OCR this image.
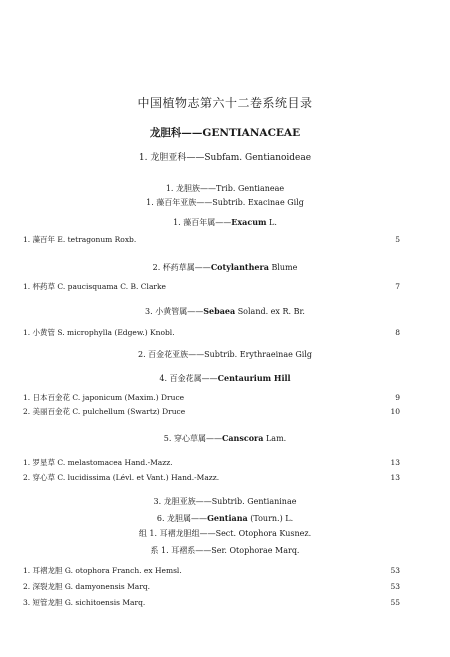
中国植物志第六十二卷系统目录
龙胆科——GENTIANACEAE
1. 龙胆亚科——Subfam. Gentianoideae
1. 龙胆族——Trib. Gentianeae
1. 藻百年亚族——Subtrib. Exacinae Gilg
1. 藻百年属——Exacum L.
1. 藻百年 E. tetragonum Roxb.	5
2. 杯药草属——Cotylanthera Blume
1. 杯药草 C. paucisquama C. B. Clarke	7
3. 小黄管属——Sebaea Soland. ex R. Br.
1. 小黄管 S. microphylla (Edgew.) Knobl.	8
2. 百金花亚族——Subtrib. Erythraeinae Gilg
4. 百金花属——Centaurium Hill
1. 日本百金花 C. japonicum (Maxim.) Druce	9
2. 美丽百金花 C. pulchellum (Swartz) Druce	10
5. 穿心草属——Canscora Lam.
1. 罗星草 C. melastomacea Hand.-Mazz.	13
2. 穿心草 C. lucidissima (Lévl. et Vant.) Hand.-Mazz.	13
3. 龙胆亚族——Subtrib. Gentianinae
6. 龙胆属——Gentiana (Tourn.) L.
组 1. 耳褶龙胆组——Sect. Otophora Kusnez.
系 1. 耳褶系——Ser. Otophorae Marq.
1. 耳褶龙胆 G. otophora Franch. ex Hemsl.	53
2. 深裂龙胆 G. damyonensis Marq.	53
3. 短管龙胆 G. sichitoensis Marq.	55
